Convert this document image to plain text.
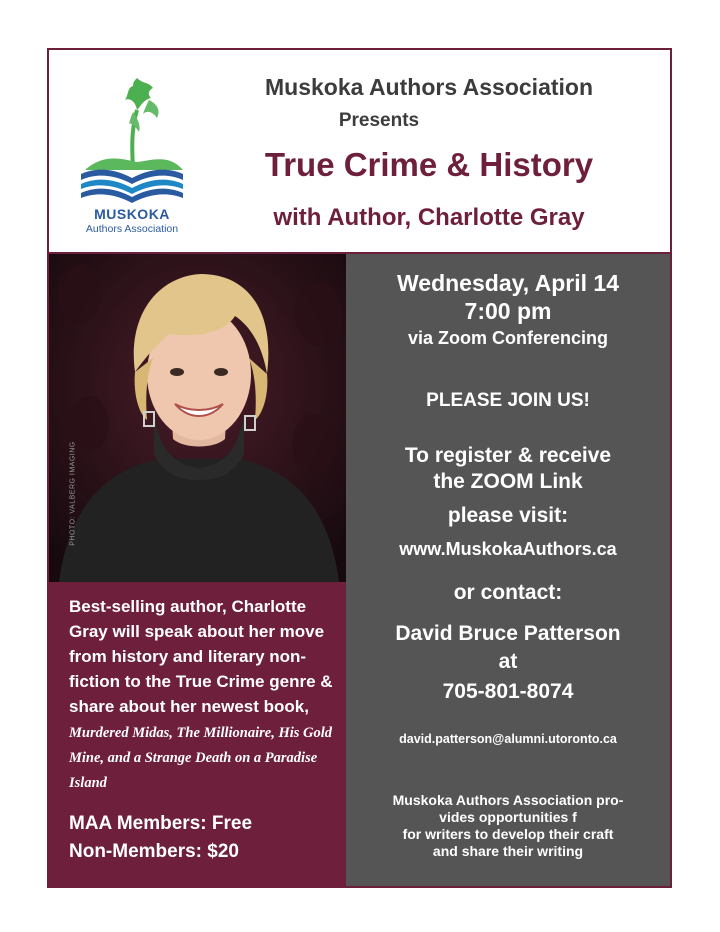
MUSKOKA
Authors Association
Muskoka Authors Association
Presents
True Crime & History
with Author, Charlotte Gray
PHOTO: VALBERG IMAGING
Best-selling author, Charlotte Gray will speak about her move from history and literary non-fiction to the True Crime genre & share about her newest book, Murdered Midas, The Millionaire, His Gold Mine, and a Strange Death on a Paradise Island
MAA Members: Free
Non-Members: $20
Wednesday, April 14
7:00 pm
via Zoom Conferencing
PLEASE JOIN US!
To register & receive
the ZOOM Link
please visit:
www.MuskokaAuthors.ca
or contact:
David Bruce Patterson
at
705-801-8074
david.patterson@alumni.utoronto.ca
Muskoka Authors Association pro-
vides opportunities f
for writers to develop their craft
and share their writing
